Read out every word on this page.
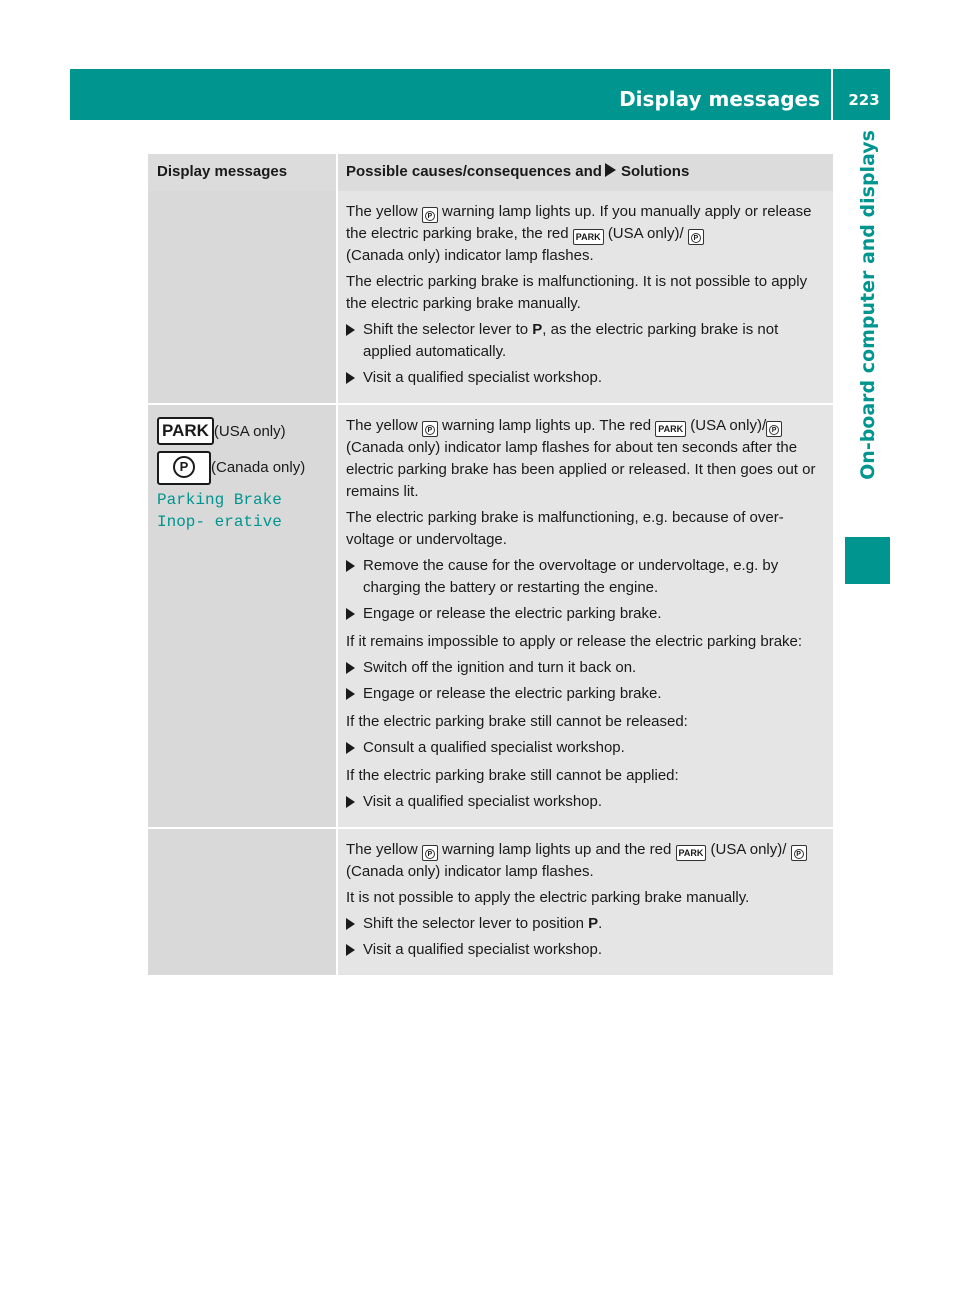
Display messages	223
On-board computer and displays
Display messages	Possible causes/consequences and Solutions

The yellow P warning lamp lights up. If you manually apply or release the electric parking brake, the red PARK (USA only)/ P
(Canada only) indicator lamp flashes.

The electric parking brake is malfunctioning. It is not possible to apply the electric parking brake manually.

Shift the selector lever to P, as the electric parking brake is not applied automatically.
Visit a qualified specialist workshop.
PARK (USA only)
P (Canada only)
Parking Brake Inop‐ erative

The yellow P warning lamp lights up. The red PARK (USA only)/ P (Canada only) indicator lamp flashes for about ten seconds after the electric parking brake has been applied or released. It then goes out or remains lit.

The electric parking brake is malfunctioning, e.g. because of over- voltage or undervoltage.

Remove the cause for the overvoltage or undervoltage, e.g. by charging the battery or restarting the engine.
Engage or release the electric parking brake.

If it remains impossible to apply or release the electric parking brake:

Switch off the ignition and turn it back on.
Engage or release the electric parking brake.

If the electric parking brake still cannot be released:

Consult a qualified specialist workshop.

If the electric parking brake still cannot be applied:

Visit a qualified specialist workshop.

The yellow P warning lamp lights up and the red PARK (USA only)/ P (Canada only) indicator lamp flashes.

It is not possible to apply the electric parking brake manually.

Shift the selector lever to position P.
Visit a qualified specialist workshop.
